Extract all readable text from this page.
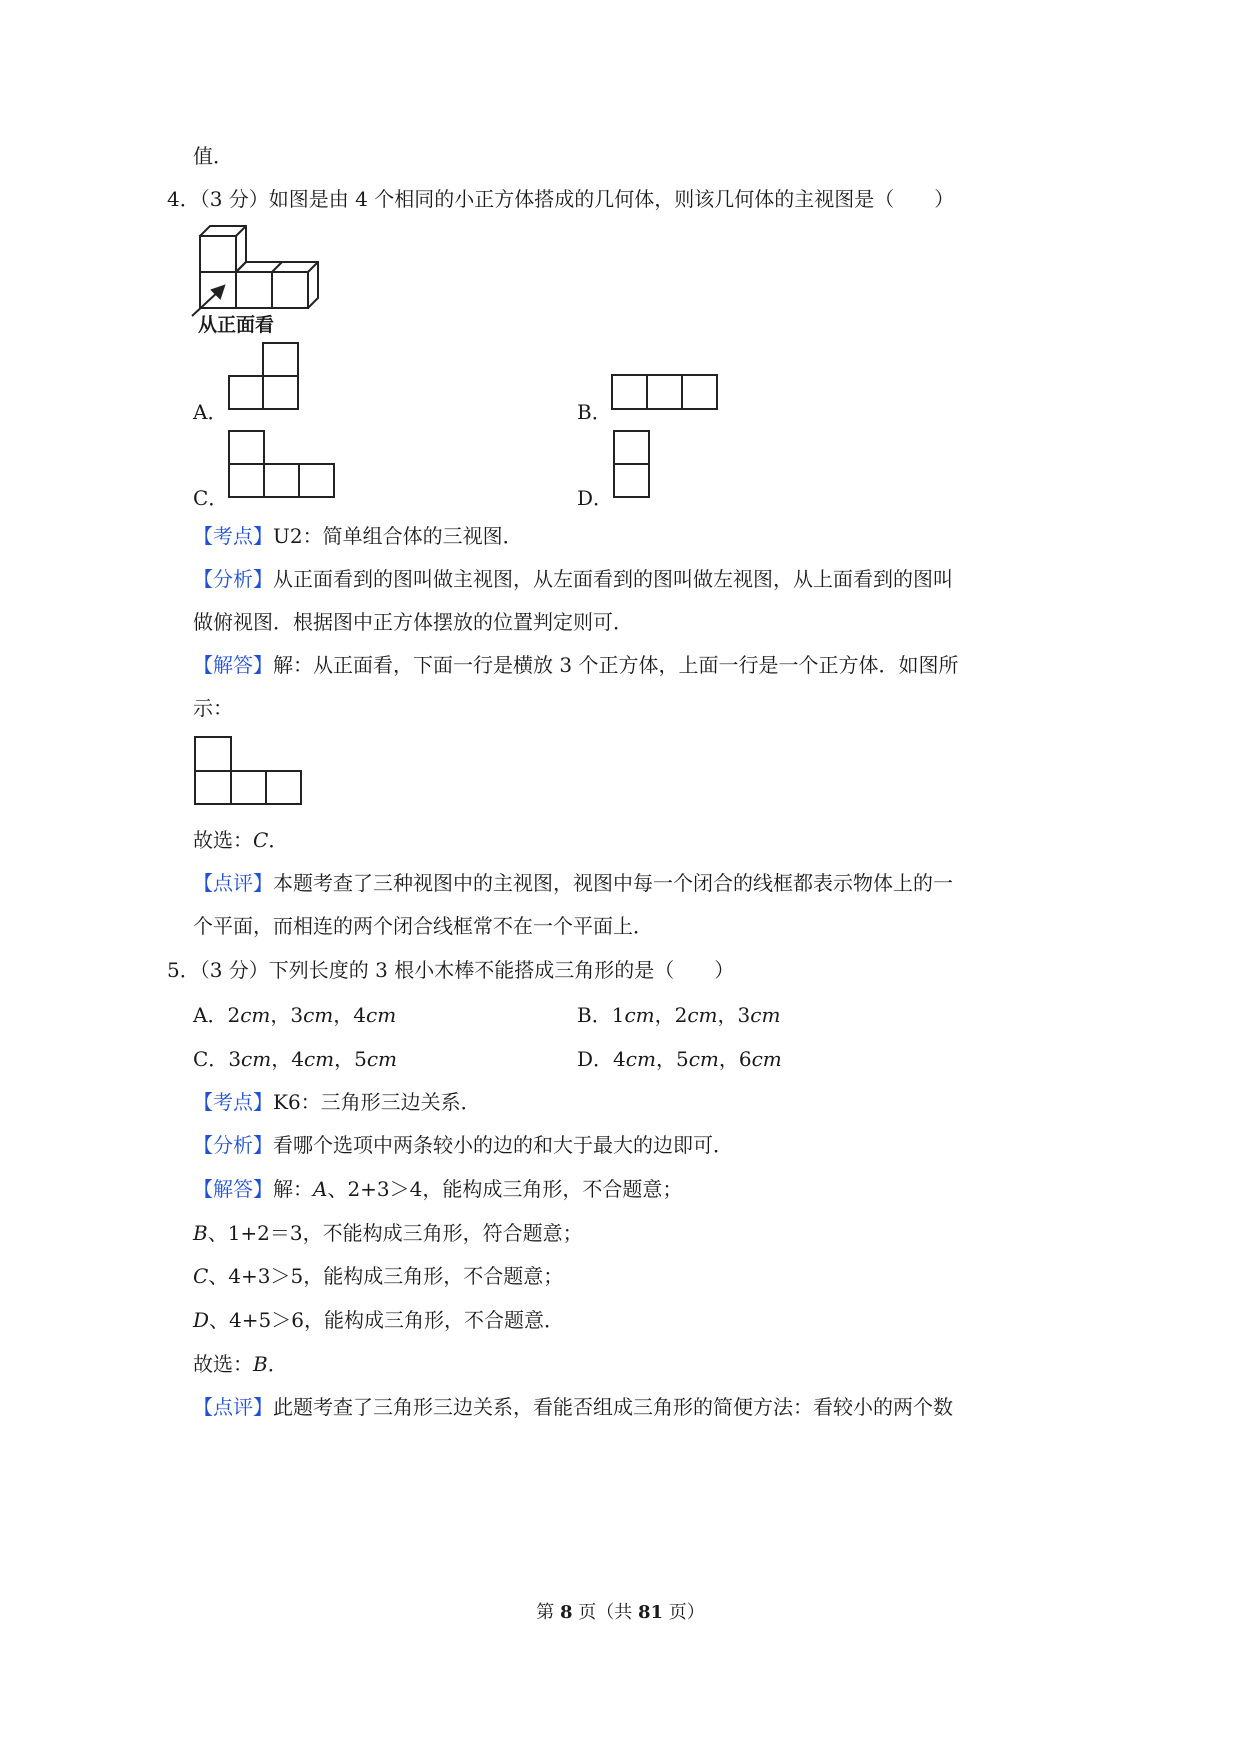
值．
4．（3 分）如图是由 4 个相同的小正方体搭成的几何体，则该几何体的主视图是（　　）
从正面看
A．	B．
C．	D．
【考点】U2：简单组合体的三视图．
【分析】从正面看到的图叫做主视图，从左面看到的图叫做左视图，从上面看到的图叫
做俯视图．根据图中正方体摆放的位置判定则可．
【解答】解：从正面看，下面一行是横放 3 个正方体，上面一行是一个正方体．如图所
示：
故选：C．
【点评】本题考查了三种视图中的主视图，视图中每一个闭合的线框都表示物体上的一
个平面，而相连的两个闭合线框常不在一个平面上．
5．（3 分）下列长度的 3 根小木棒不能搭成三角形的是（　　）
A．2cm，3cm，4cm	B．1cm，2cm，3cm
C．3cm，4cm，5cm	D．4cm，5cm，6cm
【考点】K6：三角形三边关系．
【分析】看哪个选项中两条较小的边的和大于最大的边即可．
【解答】解：A、2+3＞4，能构成三角形，不合题意；
B、1+2＝3，不能构成三角形，符合题意；
C、4+3＞5，能构成三角形，不合题意；
D、4+5＞6，能构成三角形，不合题意．
故选：B．
【点评】此题考查了三角形三边关系，看能否组成三角形的简便方法：看较小的两个数
第 8 页（共 81 页）
